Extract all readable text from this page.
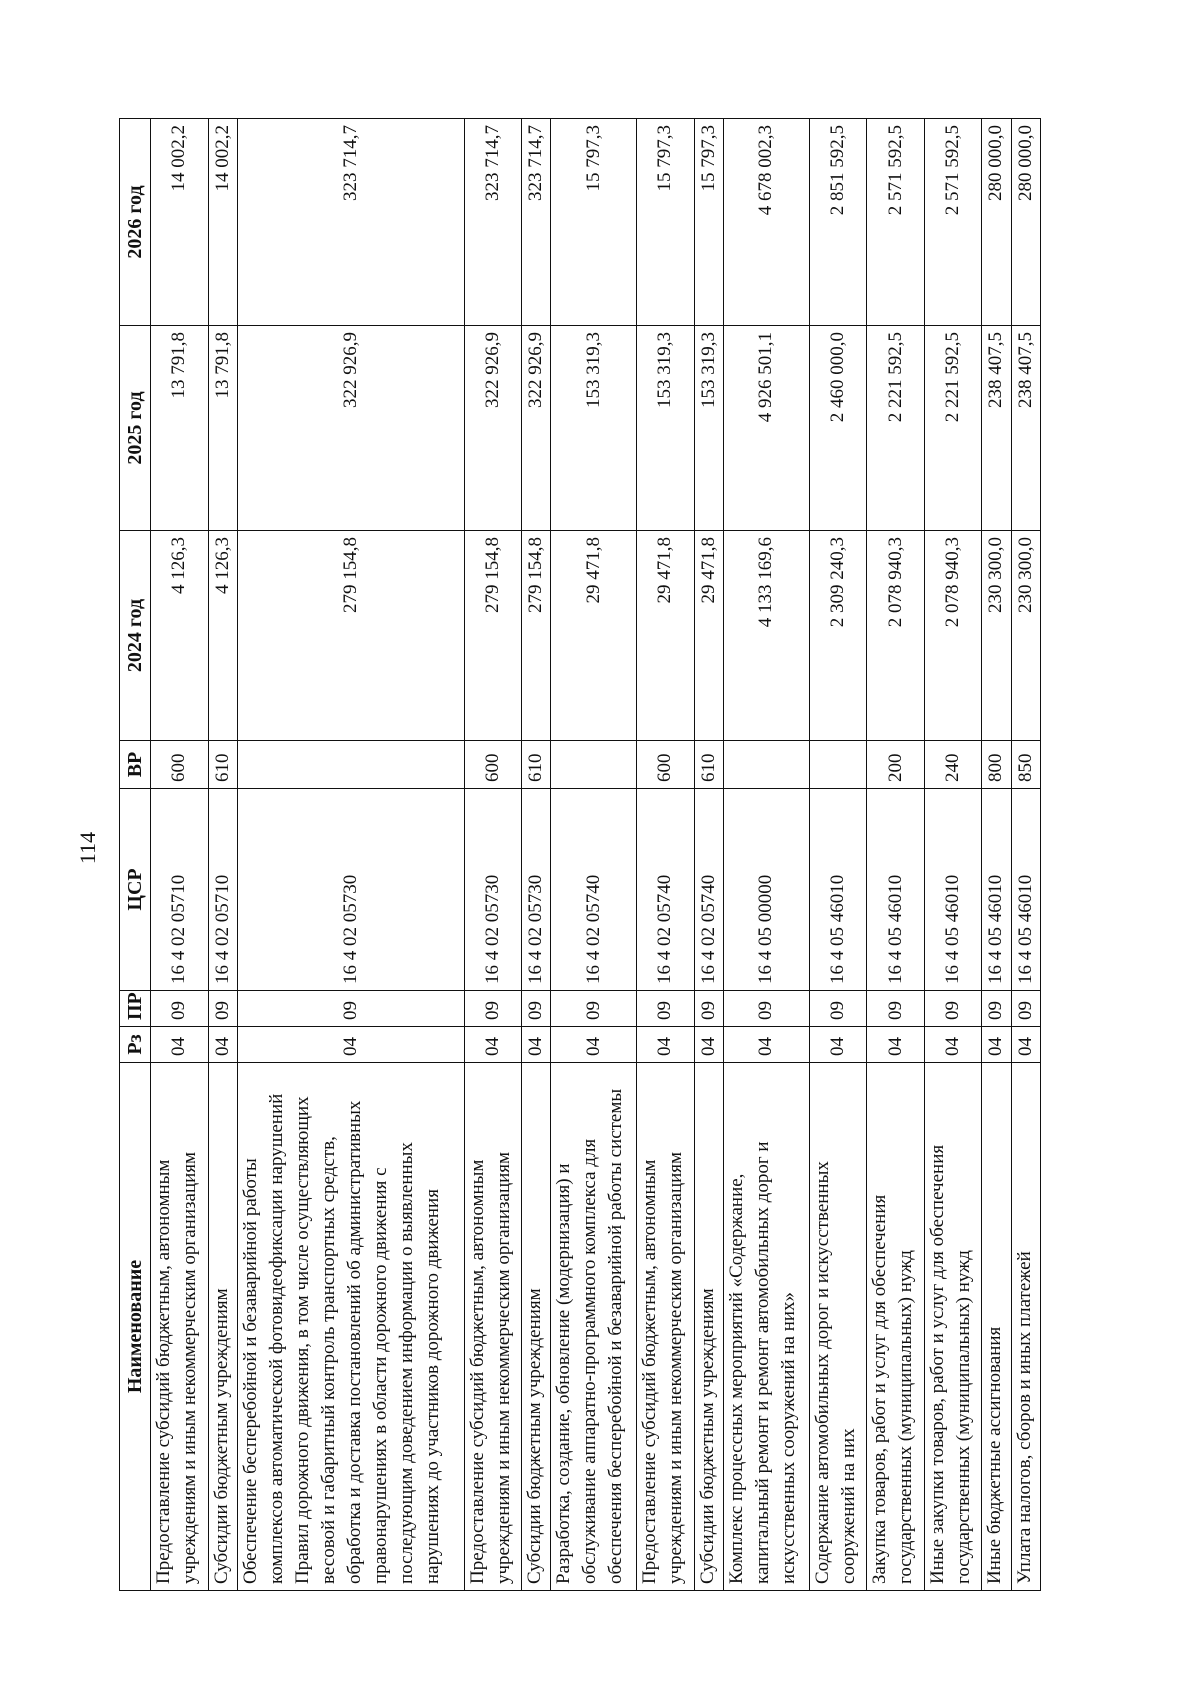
114
Наименование	Рз	ПР	ЦСР	ВР	2024 год	2025 год	2026 год
Предоставление субсидий бюджетным, автономным учреждениям и иным некоммерческим организациям	04	09	16 4 02 05710	600	4 126,3	13 791,8	14 002,2
Субсидии бюджетным учреждениям	04	09	16 4 02 05710	610	4 126,3	13 791,8	14 002,2
Обеспечение бесперебойной и безаварийной работы комплексов автоматической фотовидеофиксации нарушений Правил дорожного движения, в том числе осуществляющих весовой и габаритный контроль транспортных средств, обработка и доставка постановлений об административных правонарушениях в области дорожного движения с последующим доведением информации о выявленных нарушениях до участников дорожного движения	04	09	16 4 02 05730		279 154,8	322 926,9	323 714,7
Предоставление субсидий бюджетным, автономным учреждениям и иным некоммерческим организациям	04	09	16 4 02 05730	600	279 154,8	322 926,9	323 714,7
Субсидии бюджетным учреждениям	04	09	16 4 02 05730	610	279 154,8	322 926,9	323 714,7
Разработка, создание, обновление (модернизация) и обслуживание аппаратно-программного комплекса для обеспечения бесперебойной и безаварийной работы системы	04	09	16 4 02 05740		29 471,8	153 319,3	15 797,3
Предоставление субсидий бюджетным, автономным учреждениям и иным некоммерческим организациям	04	09	16 4 02 05740	600	29 471,8	153 319,3	15 797,3
Субсидии бюджетным учреждениям	04	09	16 4 02 05740	610	29 471,8	153 319,3	15 797,3
Комплекс процессных мероприятий «Содержание, капитальный ремонт и ремонт автомобильных дорог и искусственных сооружений на них»	04	09	16 4 05 00000		4 133 169,6	4 926 501,1	4 678 002,3
Содержание автомобильных дорог и искусственных сооружений на них	04	09	16 4 05 46010		2 309 240,3	2 460 000,0	2 851 592,5
Закупка товаров, работ и услуг для обеспечения государственных (муниципальных) нужд	04	09	16 4 05 46010	200	2 078 940,3	2 221 592,5	2 571 592,5
Иные закупки товаров, работ и услуг для обеспечения государственных (муниципальных) нужд	04	09	16 4 05 46010	240	2 078 940,3	2 221 592,5	2 571 592,5
Иные бюджетные ассигнования	04	09	16 4 05 46010	800	230 300,0	238 407,5	280 000,0
Уплата налогов, сборов и иных платежей	04	09	16 4 05 46010	850	230 300,0	238 407,5	280 000,0
